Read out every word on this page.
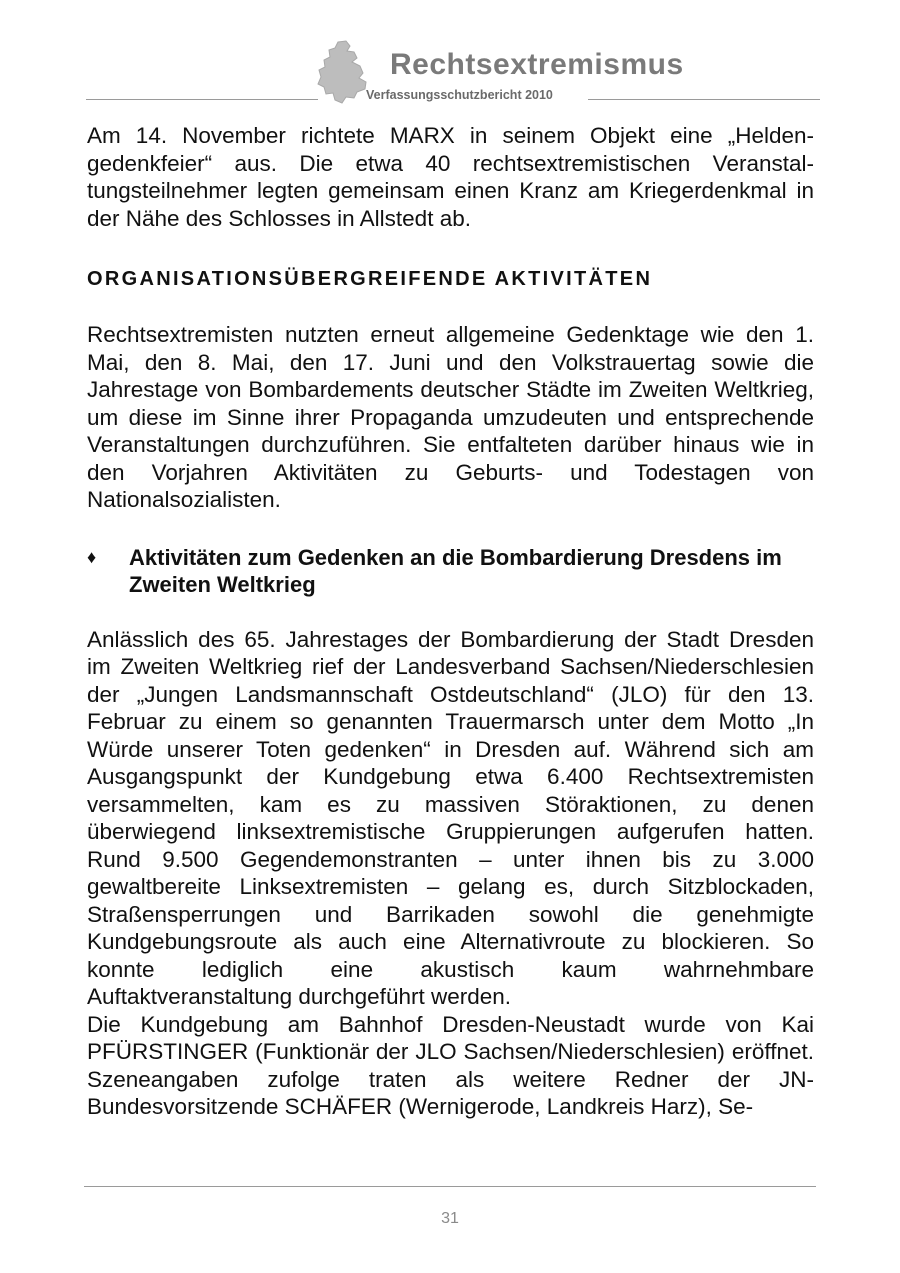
Rechtsextremismus
Verfassungsschutzbericht 2010

Am 14. November richtete MARX in seinem Objekt eine „Heldengedenkfeier“ aus. Die etwa 40 rechtsextremistischen Veranstaltungsteilnehmer legten gemeinsam einen Kranz am Kriegerdenkmal in der Nähe des Schlosses in Allstedt ab.

ORGANISATIONSÜBERGREIFENDE AKTIVITÄTEN

Rechtsextremisten nutzten erneut allgemeine Gedenktage wie den 1. Mai, den 8. Mai, den 17. Juni und den Volkstrauertag sowie die Jahrestage von Bombardements deutscher Städte im Zweiten Weltkrieg, um diese im Sinne ihrer Propaganda umzudeuten und entsprechende Veranstaltungen durchzuführen. Sie entfalteten darüber hinaus wie in den Vorjahren Aktivitäten zu Geburts- und Todestagen von Nationalsozialisten.

♦ Aktivitäten zum Gedenken an die Bombardierung Dresdens im Zweiten Weltkrieg

Anlässlich des 65. Jahrestages der Bombardierung der Stadt Dresden im Zweiten Weltkrieg rief der Landesverband Sachsen/Niederschlesien der „Jungen Landsmannschaft Ostdeutschland“ (JLO) für den 13. Februar zu einem so genannten Trauermarsch unter dem Motto „In Würde unserer Toten gedenken“ in Dresden auf. Während sich am Ausgangspunkt der Kundgebung etwa 6.400 Rechtsextremisten versammelten, kam es zu massiven Störaktionen, zu denen überwiegend linksextremistische Gruppierungen aufgerufen hatten. Rund 9.500 Gegendemonstranten – unter ihnen bis zu 3.000 gewaltbereite Linksextremisten – gelang es, durch Sitzblockaden, Straßensperrungen und Barrikaden sowohl die genehmigte Kundgebungsroute als auch eine Alternativroute zu blockieren. So konnte lediglich eine akustisch kaum wahrnehmbare Auftaktveranstaltung durchgeführt werden.

Die Kundgebung am Bahnhof Dresden-Neustadt wurde von Kai PFÜRSTINGER (Funktionär der JLO Sachsen/Niederschlesien) eröffnet. Szeneangaben zufolge traten als weitere Redner der JN-Bundesvorsitzende SCHÄFER (Wernigerode, Landkreis Harz), Se-

31
